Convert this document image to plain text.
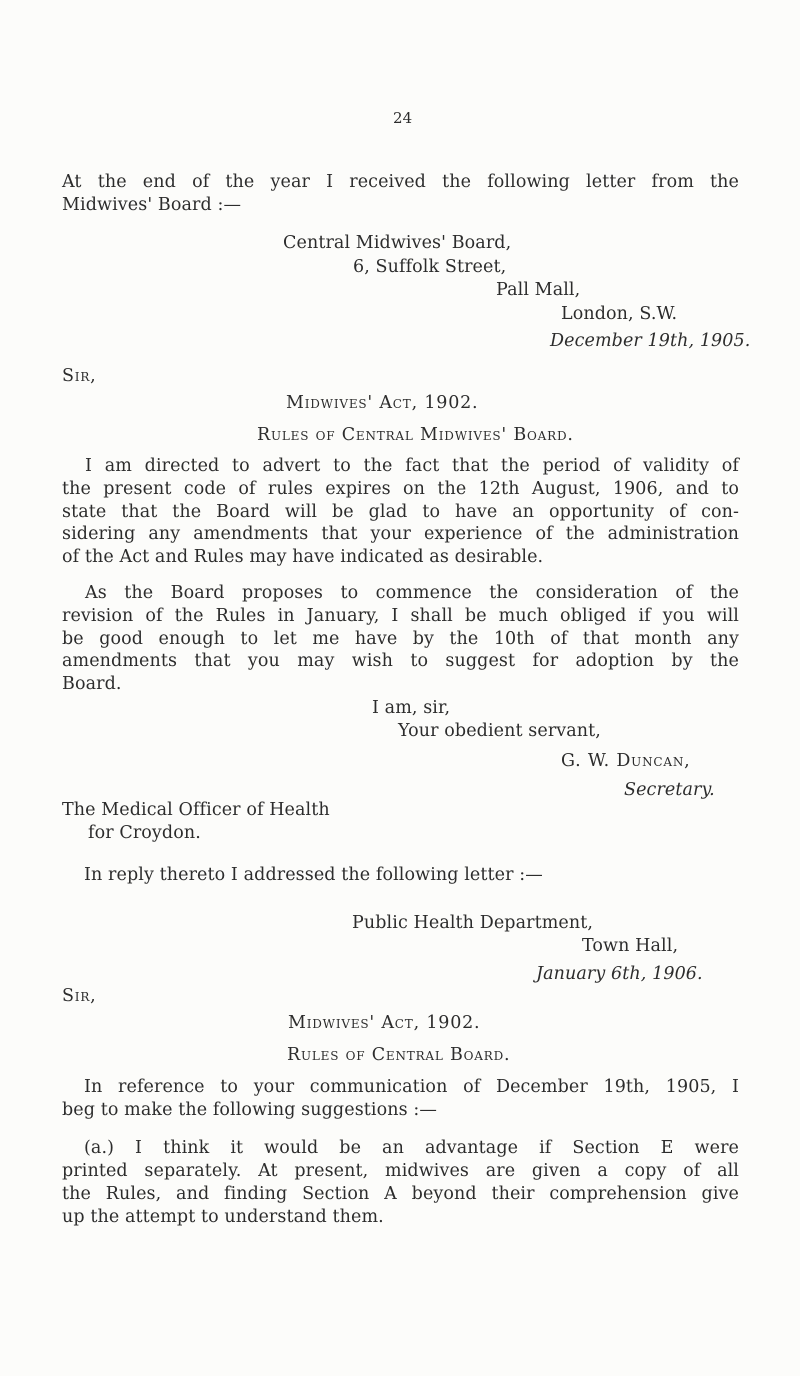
24
At the end of the year I received the following letter from the
Midwives' Board :—
Central Midwives' Board,
6, Suffolk Street,
Pall Mall,
London, S.W.
December 19th, 1905.
Sir,
Midwives' Act, 1902.
Rules of Central Midwives' Board.
I am directed to advert to the fact that the period of validity of
the present code of rules expires on the 12th August, 1906, and to
state that the Board will be glad to have an opportunity of con-
sidering any amendments that your experience of the administration
of the Act and Rules may have indicated as desirable.
As the Board proposes to commence the consideration of the
revision of the Rules in January, I shall be much obliged if you will
be good enough to let me have by the 10th of that month any
amendments that you may wish to suggest for adoption by the
Board.
I am, sir,
Your obedient servant,
G. W. Duncan,
Secretary.
The Medical Officer of Health
for Croydon.
In reply thereto I addressed the following letter :—
Public Health Department,
Town Hall,
January 6th, 1906.
Sir,
Midwives' Act, 1902.
Rules of Central Board.
In reference to your communication of December 19th, 1905, I
beg to make the following suggestions :—
(a.) I think it would be an advantage if Section E were
printed separately. At present, midwives are given a copy of all
the Rules, and finding Section A beyond their comprehension give
up the attempt to understand them.
